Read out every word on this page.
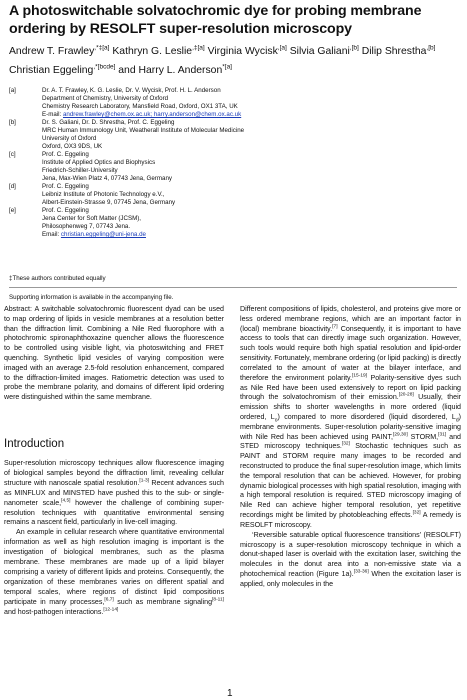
A photoswitchable solvatochromic dye for probing membrane ordering by RESOLFT super-resolution microscopy
Andrew T. Frawley$^{,*\ddagger[a]}$ Kathryn G. Leslie$^{,\ddagger[a]}$ Virginia Wycisk$^{,[a]}$ Silvia Galiani$^{,[b]}$ Dilip Shrestha$^{,[b]}$ Christian Eggeling$^{,*[bcde]}$ and Harry L. Anderson$^{*[a]}$
[a]	Dr. A. T. Frawley, K. G. Leslie, Dr. V. Wycisk, Prof. H. L. Anderson
Department of Chemistry, University of Oxford
Chemistry Research Laboratory, Mansfield Road, Oxford, OX1 3TA, UK
E-mail: andrew.frawley@chem.ox.ac.uk; harry.anderson@chem.ox.ac.uk
[b]	Dr. S. Galiani, Dr. D. Shrestha, Prof. C. Eggeling
MRC Human Immunology Unit, Weatherall Institute of Molecular Medicine
University of Oxford
Oxford, OX3 9DS, UK
[c]	Prof. C. Eggeling
Institute of Applied Optics and Biophysics
Friedrich-Schiller-University
Jena, Max-Wien Platz 4, 07743 Jena, Germany
[d]	Prof. C. Eggeling
Leibniz Institute of Photonic Technology e.V.,
Albert-Einstein-Strasse 9, 07745 Jena, Germany
[e]	Prof. C. Eggeling
Jena Center for Soft Matter (JCSM),
Philosophenweg 7, 07743 Jena.
Email: christian.eggeling@uni-jena.de
‡These authors contributed equally
Supporting information is available in the accompanying file.
Abstract: A switchable solvatochromic fluorescent dyad can be used to map ordering of lipids in vesicle membranes at a resolution better than the diffraction limit. Combining a Nile Red fluorophore with a photochromic spironaphthoxazine quencher allows the fluorescence to be controlled using visible light, via photoswitching and FRET quenching. Synthetic lipid vesicles of varying composition were imaged with an average 2.5-fold resolution enhancement, compared to the diffraction-limited images. Ratiometric detection was used to probe the membrane polarity, and domains of different lipid ordering were distinguished within the same membrane.
Introduction

Super-resolution microscopy techniques allow fluorescence imaging of biological samples beyond the diffraction limit, revealing cellular structure with nanoscale spatial resolution.[1-3] Recent advances such as MINFLUX and MINSTED have pushed this to the sub- or single-nanometer scale,[4,5] however the challenge of combining super-resolution techniques with quantitative environmental sensing remains a nascent field, particularly in live-cell imaging.

An example in cellular research where quantitative environmental information as well as high resolution imaging is important is the investigation of biological membranes, such as the plasma membrane. These membranes are made up of a lipid bilayer comprising a variety of different lipids and proteins. Consequently, the organization of these membranes varies on different spatial and temporal scales, where regions of distinct lipid compositions participate in many processes,[6,7] such as membrane signaling[8-11] and host-pathogen interactions.[12-14]

Different compositions of lipids, cholesterol, and proteins give more or less ordered membrane regions, which are an important factor in (local) membrane bioactivity.[7] Consequently, it is important to have access to tools that can directly image such organization. However, such tools would require both high spatial resolution and lipid-order sensitivity. Fortunately, membrane ordering (or lipid packing) is directly correlated to the amount of water at the bilayer interface, and therefore the environment polarity.[15-19] Polarity-sensitive dyes such as Nile Red have been used extensively to report on lipid packing through the solvatochromism of their emission.[20-28] Usually, their emission shifts to shorter wavelengths in more ordered (liquid ordered, $L_o$) compared to more disordered (liquid disordered, $L_d$) membrane environments. Super-resolution polarity-sensitive imaging with Nile Red has been achieved using PAINT,[29,30] STORM,[31] and STED microscopy techniques.[32] Stochastic techniques such as PAINT and STORM require many images to be recorded and reconstructed to produce the final super-resolution image, which limits the temporal resolution that can be achieved. However, for probing dynamic biological processes with high spatial resolution, imaging with a high temporal resolution is required. STED microscopy imaging of Nile Red can achieve higher temporal resolution, yet repetitive recordings might be limited by photobleaching effects.[32] A remedy is RESOLFT microscopy.

‘Reversible saturable optical fluorescence transitions’ (RESOLFT) microscopy is a super-resolution microscopy technique in which a donut-shaped laser is overlaid with the excitation laser, switching the molecules in the donut area into a non-emissive state via a photochemical reaction (Figure 1a).[33-36] When the excitation laser is applied, only molecules in the

1
